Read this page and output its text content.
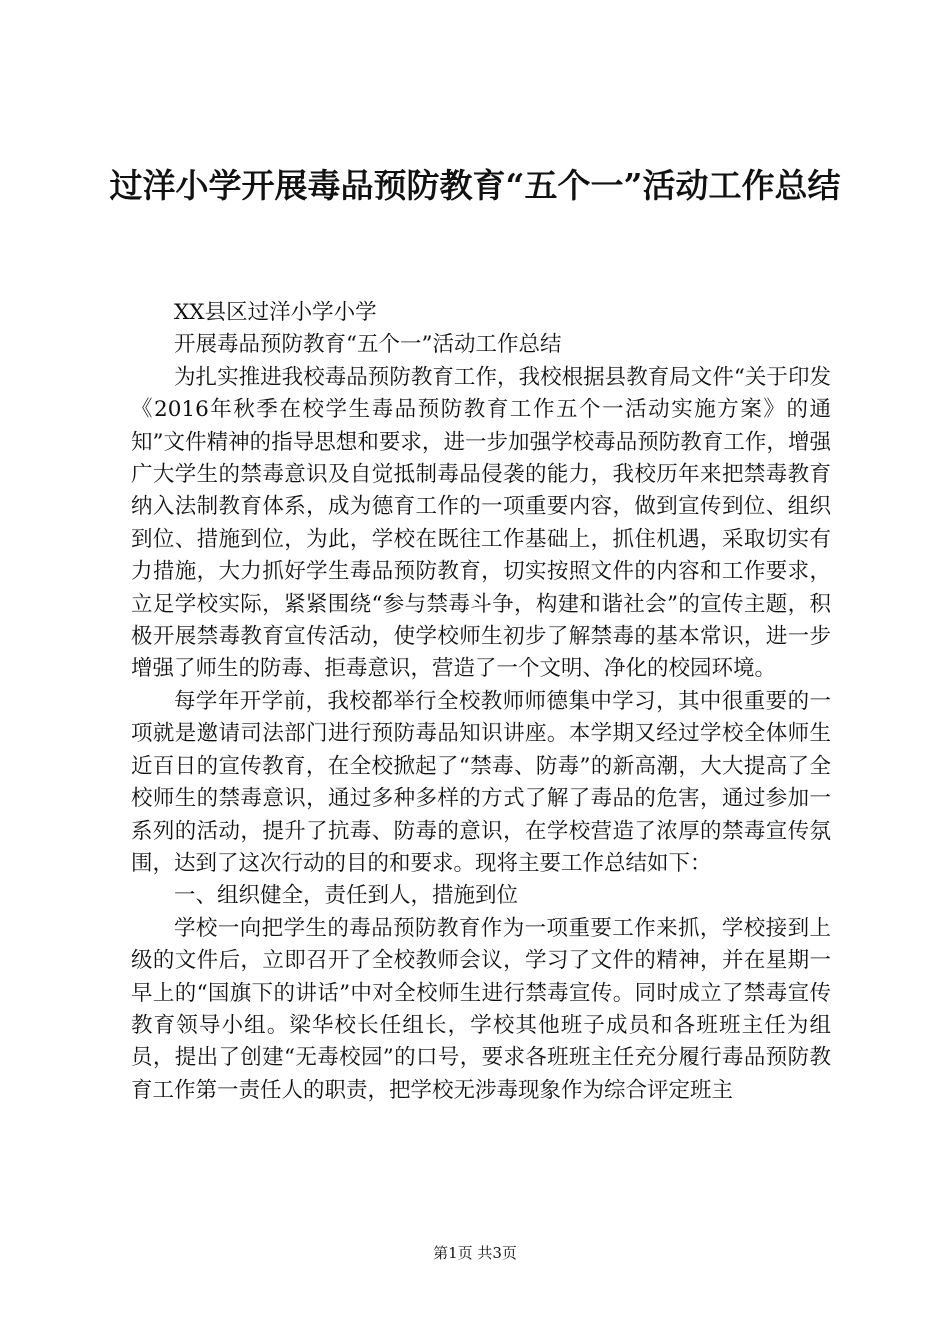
过洋小学开展毒品预防教育“五个一”活动工作总结

XX县区过洋小学小学

开展毒品预防教育“五个一”活动工作总结

为扎实推进我校毒品预防教育工作，我校根据县教育局文件“关于印发《2016年秋季在校学生毒品预防教育工作五个一活动实施方案》的通知”文件精神的指导思想和要求，进一步加强学校毒品预防教育工作，增强广大学生的禁毒意识及自觉抵制毒品侵袭的能力，我校历年来把禁毒教育纳入法制教育体系，成为德育工作的一项重要内容，做到宣传到位、组织到位、措施到位，为此，学校在既往工作基础上，抓住机遇，采取切实有力措施，大力抓好学生毒品预防教育，切实按照文件的内容和工作要求，立足学校实际，紧紧围绕“参与禁毒斗争，构建和谐社会”的宣传主题，积极开展禁毒教育宣传活动，使学校师生初步了解禁毒的基本常识，进一步增强了师生的防毒、拒毒意识，营造了一个文明、净化的校园环境。

每学年开学前，我校都举行全校教师师德集中学习，其中很重要的一项就是邀请司法部门进行预防毒品知识讲座。本学期又经过学校全体师生近百日的宣传教育，在全校掀起了“禁毒、防毒”的新高潮，大大提高了全校师生的禁毒意识，通过多种多样的方式了解了毒品的危害，通过参加一系列的活动，提升了抗毒、防毒的意识，在学校营造了浓厚的禁毒宣传氛围，达到了这次行动的目的和要求。现将主要工作总结如下：

一、组织健全，责任到人，措施到位

学校一向把学生的毒品预防教育作为一项重要工作来抓，学校接到上级的文件后，立即召开了全校教师会议，学习了文件的精神，并在星期一早上的“国旗下的讲话”中对全校师生进行禁毒宣传。同时成立了禁毒宣传教育领导小组。梁华校长任组长，学校其他班子成员和各班班主任为组员，提出了创建“无毒校园”的口号，要求各班班主任充分履行毒品预防教育工作第一责任人的职责，把学校无涉毒现象作为综合评定班主

第1页 共3页
